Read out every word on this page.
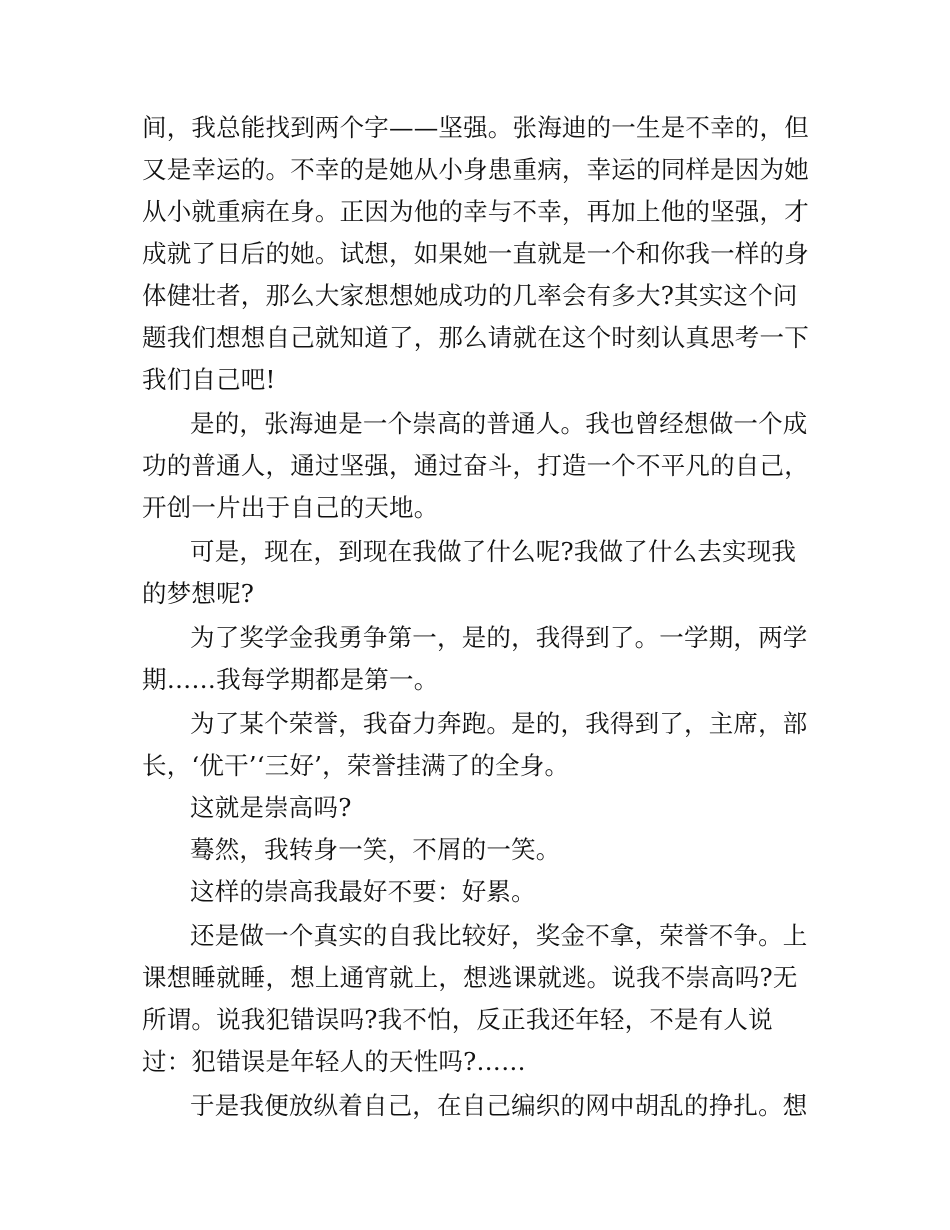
间，我总能找到两个字——坚强。张海迪的一生是不幸的，但
又是幸运的。不幸的是她从小身患重病，幸运的同样是因为她
从小就重病在身。正因为他的幸与不幸，再加上他的坚强，才
成就了日后的她。试想，如果她一直就是一个和你我一样的身
体健壮者，那么大家想想她成功的几率会有多大?其实这个问
题我们想想自己就知道了，那么请就在这个时刻认真思考一下
我们自己吧!
是的，张海迪是一个崇高的普通人。我也曾经想做一个成
功的普通人，通过坚强，通过奋斗，打造一个不平凡的自己，
开创一片出于自己的天地。
可是，现在，到现在我做了什么呢?我做了什么去实现我
的梦想呢?
为了奖学金我勇争第一，是的，我得到了。一学期，两学
期……我每学期都是第一。
为了某个荣誉，我奋力奔跑。是的，我得到了，主席，部
长，‘优干’‘三好’，荣誉挂满了的全身。
这就是崇高吗?
蓦然，我转身一笑，不屑的一笑。
这样的崇高我最好不要：好累。
还是做一个真实的自我比较好，奖金不拿，荣誉不争。上
课想睡就睡，想上通宵就上，想逃课就逃。说我不崇高吗?无
所谓。说我犯错误吗?我不怕，反正我还年轻，不是有人说
过：犯错误是年轻人的天性吗?……
于是我便放纵着自己，在自己编织的网中胡乱的挣扎。想
